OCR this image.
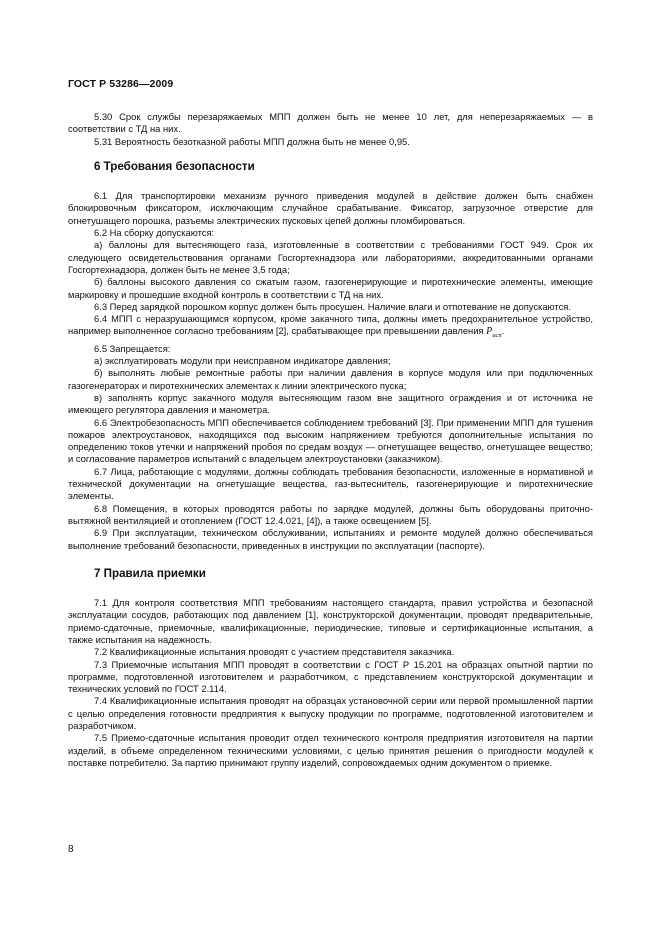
ГОСТ Р 53286—2009

5.30 Срок службы перезаряжаемых МПП должен быть не менее 10 лет, для неперезаряжаемых — в соответствии с ТД на них.

5.31 Вероятность безотказной работы МПП должна быть не менее 0,95.

6 Требования безопасности

6.1 Для транспортировки механизм ручного приведения модулей в действие должен быть снабжен блокировочным фиксатором, исключающим случайное срабатывание. Фиксатор, загрузочное отверстие для огнетушащего порошка, разъемы электрических пусковых цепей должны пломбироваться.

6.2 На сборку допускаются:

а) баллоны для вытесняющего газа, изготовленные в соответствии с требованиями ГОСТ 949. Срок их следующего освидетельствования органами Госгортехнадзора или лабораториями, аккредитованными органами Госгортехнадзора, должен быть не менее 3,5 года;

б) баллоны высокого давления со сжатым газом, газогенерирующие и пиротехнические элементы, имеющие маркировку и прошедшие входной контроль в соответствии с ТД на них.

6.3 Перед зарядкой порошком корпус должен быть просушен. Наличие влаги и отпотевание не допускаются.

6.4 МПП с неразрушающимся корпусом, кроме закачного типа, должны иметь предохранительное устройство, например выполненное согласно требованиям [2], срабатывающее при превышении давления $P_{исп}$.

6.5 Запрещается:

а) эксплуатировать модули при неисправном индикаторе давления;

б) выполнять любые ремонтные работы при наличии давления в корпусе модуля или при подключенных газогенераторах и пиротехнических элементах к линии электрического пуска;

в) заполнять корпус закачного модуля вытесняющим газом вне защитного ограждения и от источника не имеющего регулятора давления и манометра.

6.6 Электробезопасность МПП обеспечивается соблюдением требований [3]. При применении МПП для тушения пожаров электроустановок, находящихся под высоким напряжением требуются дополнительные испытания по определению токов утечки и напряжений пробоя по средам воздух — огнетушащее вещество, огнетушащее вещество; и согласование параметров испытаний с владельцем электроустановки (заказчиком).

6.7 Лица, работающие с модулями, должны соблюдать требования безопасности, изложенные в нормативной и технической документации на огнетушащие вещества, газ-вытеснитель, газогенерирующие и пиротехнические элементы.

6.8 Помещения, в которых проводятся работы по зарядке модулей, должны быть оборудованы приточно-вытяжной вентиляцией и отоплением (ГОСТ 12.4.021, [4]), а также освещением [5].

6.9 При эксплуатации, техническом обслуживании, испытаниях и ремонте модулей должно обеспечиваться выполнение требований безопасности, приведенных в инструкции по эксплуатации (паспорте).

7 Правила приемки

7.1 Для контроля соответствия МПП требованиям настоящего стандарта, правил устройства и безопасной эксплуатации сосудов, работающих под давлением [1], конструкторской документации, проводят предварительные, приемо-сдаточные, приемочные, квалификационные, периодические, типовые и сертификационные испытания, а также испытания на надежность.

7.2 Квалификационные испытания проводят с участием представителя заказчика.

7.3 Приемочные испытания МПП проводят в соответствии с ГОСТ Р 15.201 на образцах опытной партии по программе, подготовленной изготовителем и разработчиком, с представлением конструкторской документации и технических условий по ГОСТ 2.114.

7.4 Квалификационные испытания проводят на образцах установочной серии или первой промышленной партии с целью определения готовности предприятия к выпуску продукции по программе, подготовленной изготовителем и разработчиком.

7.5 Приемо-сдаточные испытания проводит отдел технического контроля предприятия изготовителя на партии изделий, в объеме определенном техническими условиями, с целью принятия решения о пригодности модулей к поставке потребителю. За партию принимают группу изделий, сопровождаемых одним документом о приемке.

8
